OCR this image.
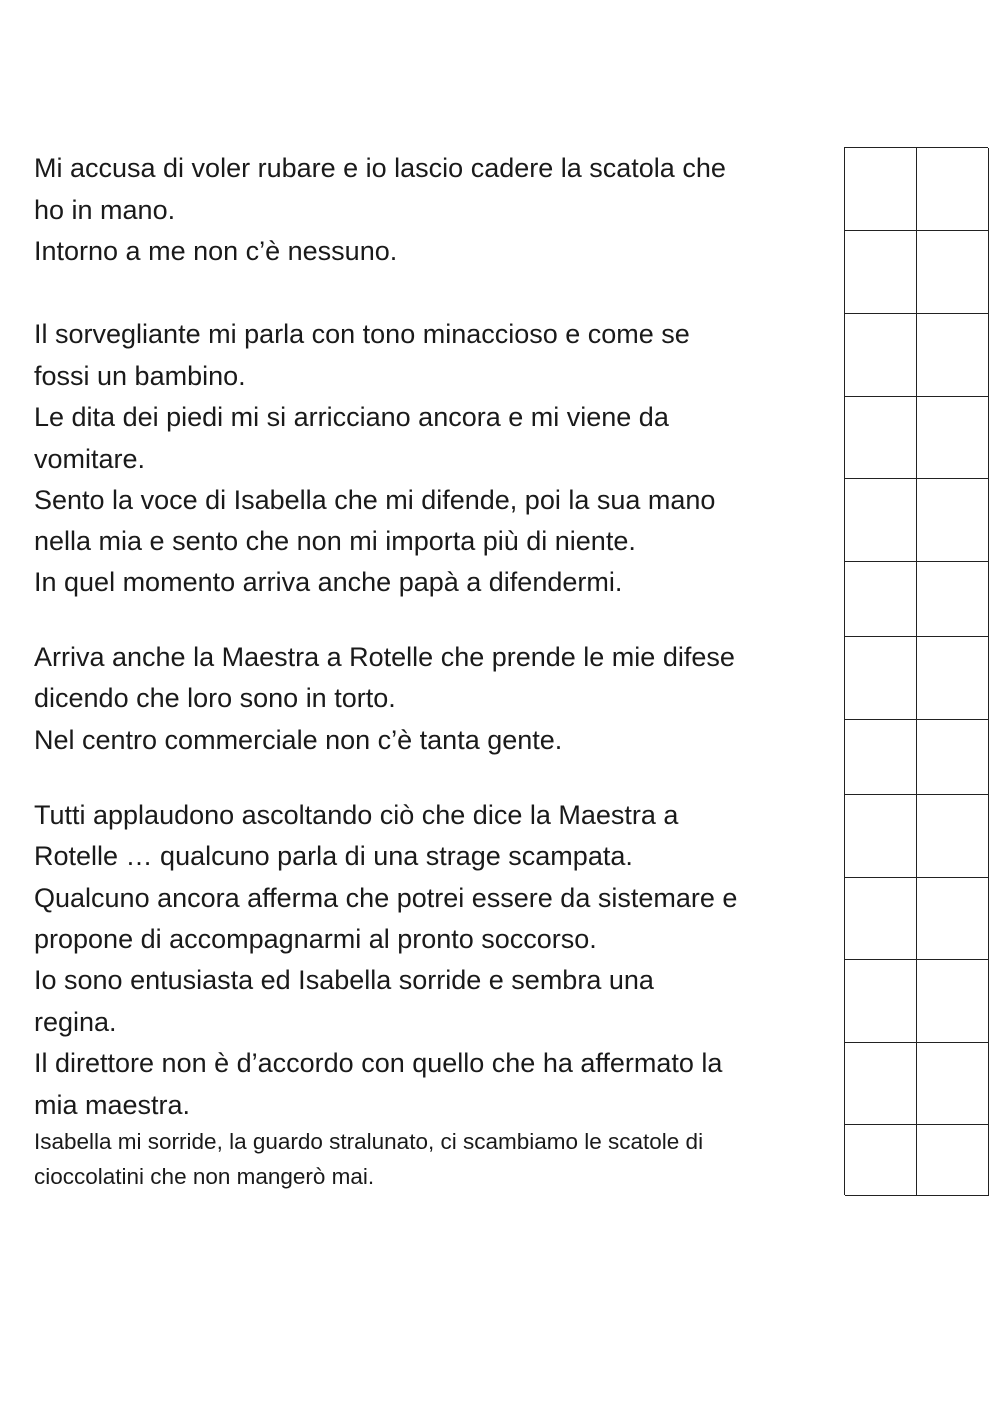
Mi accusa di voler rubare e io lascio cadere la scatola che
ho in mano.
Intorno a me non c’è nessuno.
Il sorvegliante mi parla con tono minaccioso e come se
fossi un bambino.
Le dita dei piedi mi si arricciano ancora e mi viene da
vomitare.
Sento la voce di Isabella che mi difende, poi la sua mano
nella mia e sento che non mi importa più di niente.
In quel momento arriva anche papà a difendermi.
Arriva anche la Maestra a Rotelle che prende le mie difese
dicendo che loro sono in torto.
Nel centro commerciale non c’è tanta gente.
Tutti applaudono ascoltando ciò che dice la Maestra a
Rotelle … qualcuno parla di una strage scampata.
Qualcuno ancora afferma che potrei essere da sistemare e
propone di accompagnarmi al pronto soccorso.
Io sono entusiasta ed Isabella sorride e sembra una
regina.
Il direttore non è d’accordo con quello che ha affermato la
mia maestra.
Isabella mi sorride, la guardo stralunato, ci scambiamo le scatole di
cioccolatini che non mangerò mai.
